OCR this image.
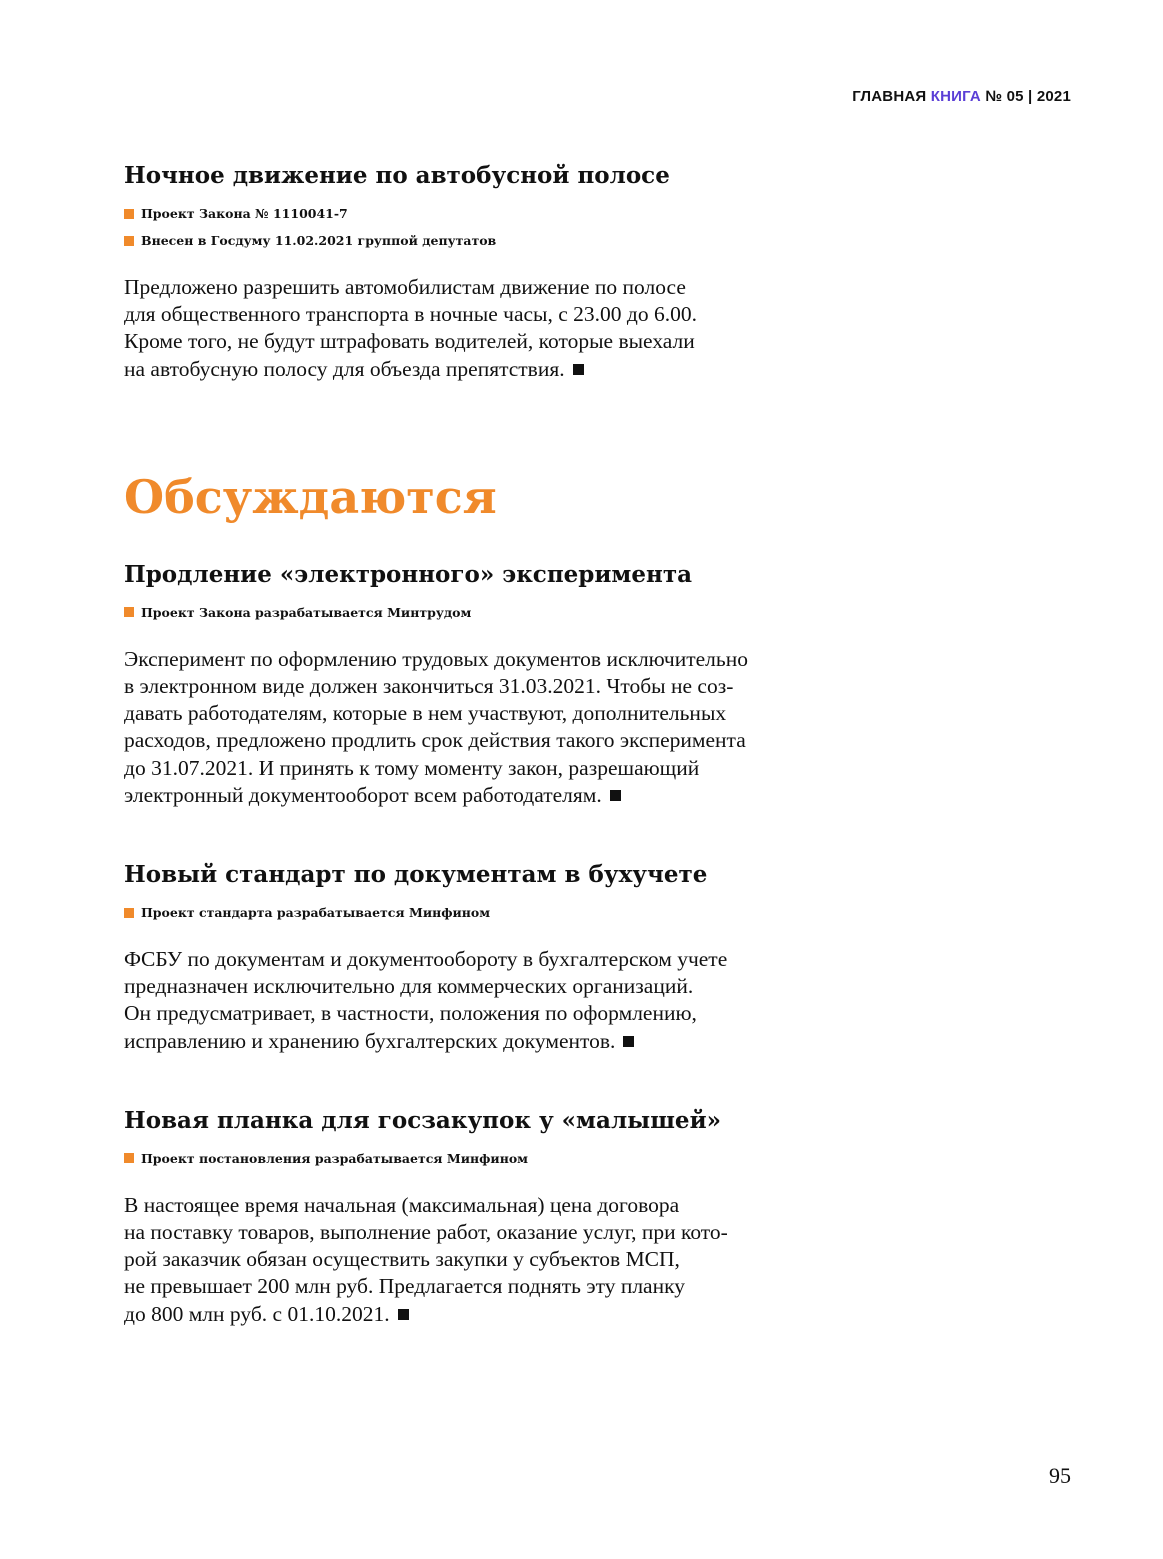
ГЛАВНАЯ КНИГА № 05 | 2021
Ночное движение по автобусной полосе
Проект Закона № 1110041-7
Внесен в Госдуму 11.02.2021 группой депутатов

Предложено разрешить автомобилистам движение по полосе
для общественного транспорта в ночные часы, с 23.00 до 6.00.
Кроме того, не будут штрафовать водителей, которые выехали
на автобусную полосу для объезда препятствия.

Обсуждаются
Продление «электронного» эксперимента
Проект Закона разрабатывается Минтрудом

Эксперимент по оформлению трудовых документов исключительно
в электронном виде должен закончиться 31.03.2021. Чтобы не соз-
давать работодателям, которые в нем участвуют, дополнительных
расходов, предложено продлить срок действия такого эксперимента
до 31.07.2021. И принять к тому моменту закон, разрешающий
электронный документооборот всем работодателям.

Новый стандарт по документам в бухучете
Проект стандарта разрабатывается Минфином

ФСБУ по документам и документообороту в бухгалтерском учете
предназначен исключительно для коммерческих организаций.
Он предусматривает, в частности, положения по оформлению,
исправлению и хранению бухгалтерских документов.

Новая планка для госзакупок у «малышей»
Проект постановления разрабатывается Минфином

В настоящее время начальная (максимальная) цена договора
на поставку товаров, выполнение работ, оказание услуг, при кото-
рой заказчик обязан осуществить закупки у субъектов МСП,
не превышает 200 млн руб. Предлагается поднять эту планку
до 800 млн руб. с 01.10.2021.

95
